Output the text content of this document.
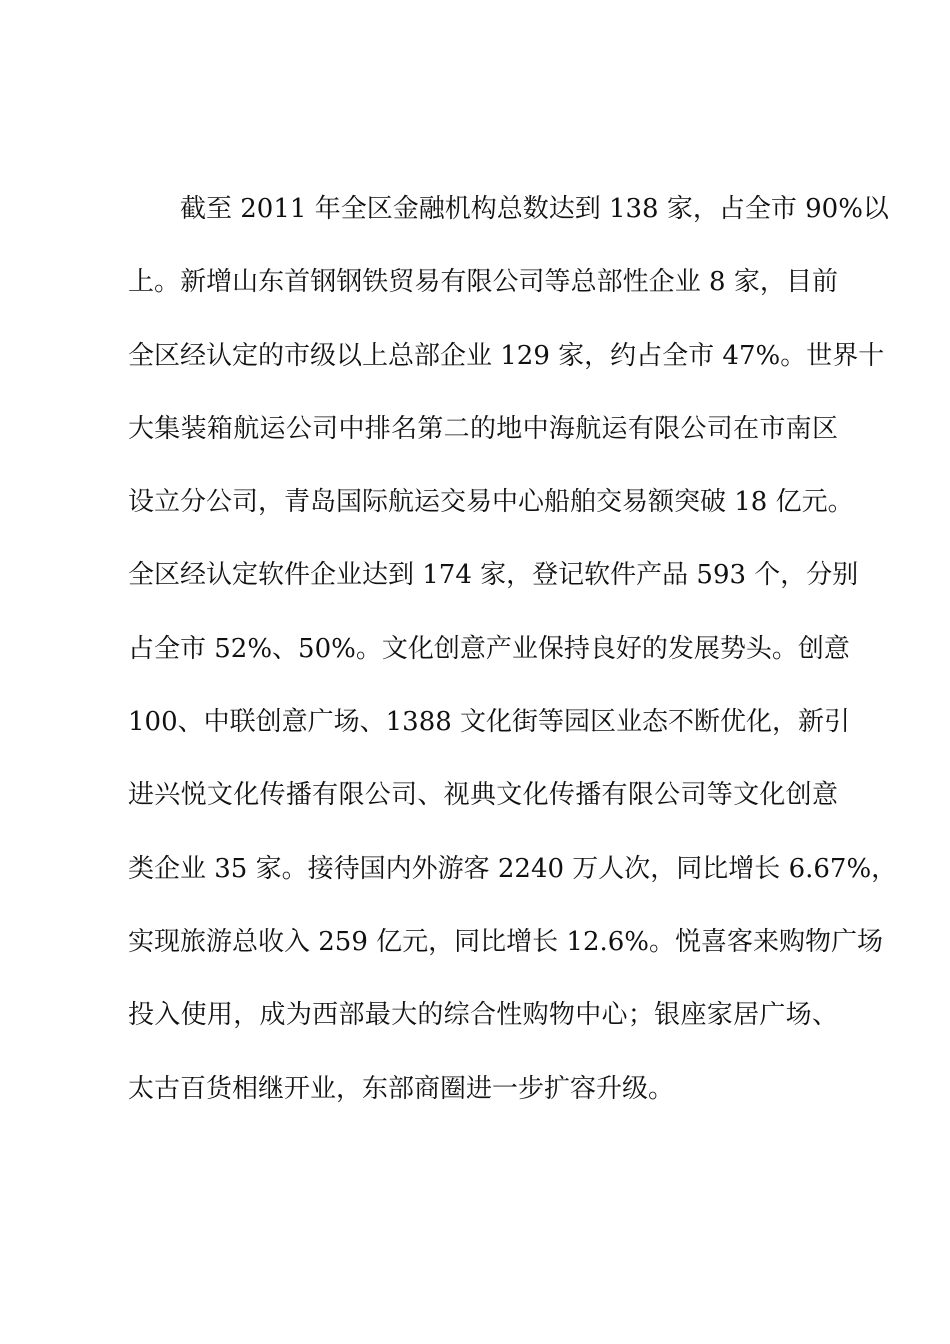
截至 2011 年全区金融机构总数达到 138 家，占全市 90%以
上。新增山东首钢钢铁贸易有限公司等总部性企业 8 家，目前
全区经认定的市级以上总部企业 129 家，约占全市 47%。世界十
大集装箱航运公司中排名第二的地中海航运有限公司在市南区
设立分公司，青岛国际航运交易中心船舶交易额突破 18 亿元。
全区经认定软件企业达到 174 家，登记软件产品 593 个，分别
占全市 52%、50%。文化创意产业保持良好的发展势头。创意
100、中联创意广场、1388 文化街等园区业态不断优化，新引
进兴悦文化传播有限公司、视典文化传播有限公司等文化创意
类企业 35 家。接待国内外游客 2240 万人次，同比增长 6.67%，
实现旅游总收入 259 亿元，同比增长 12.6%。悦喜客来购物广场
投入使用，成为西部最大的综合性购物中心；银座家居广场、
太古百货相继开业，东部商圈进一步扩容升级。
